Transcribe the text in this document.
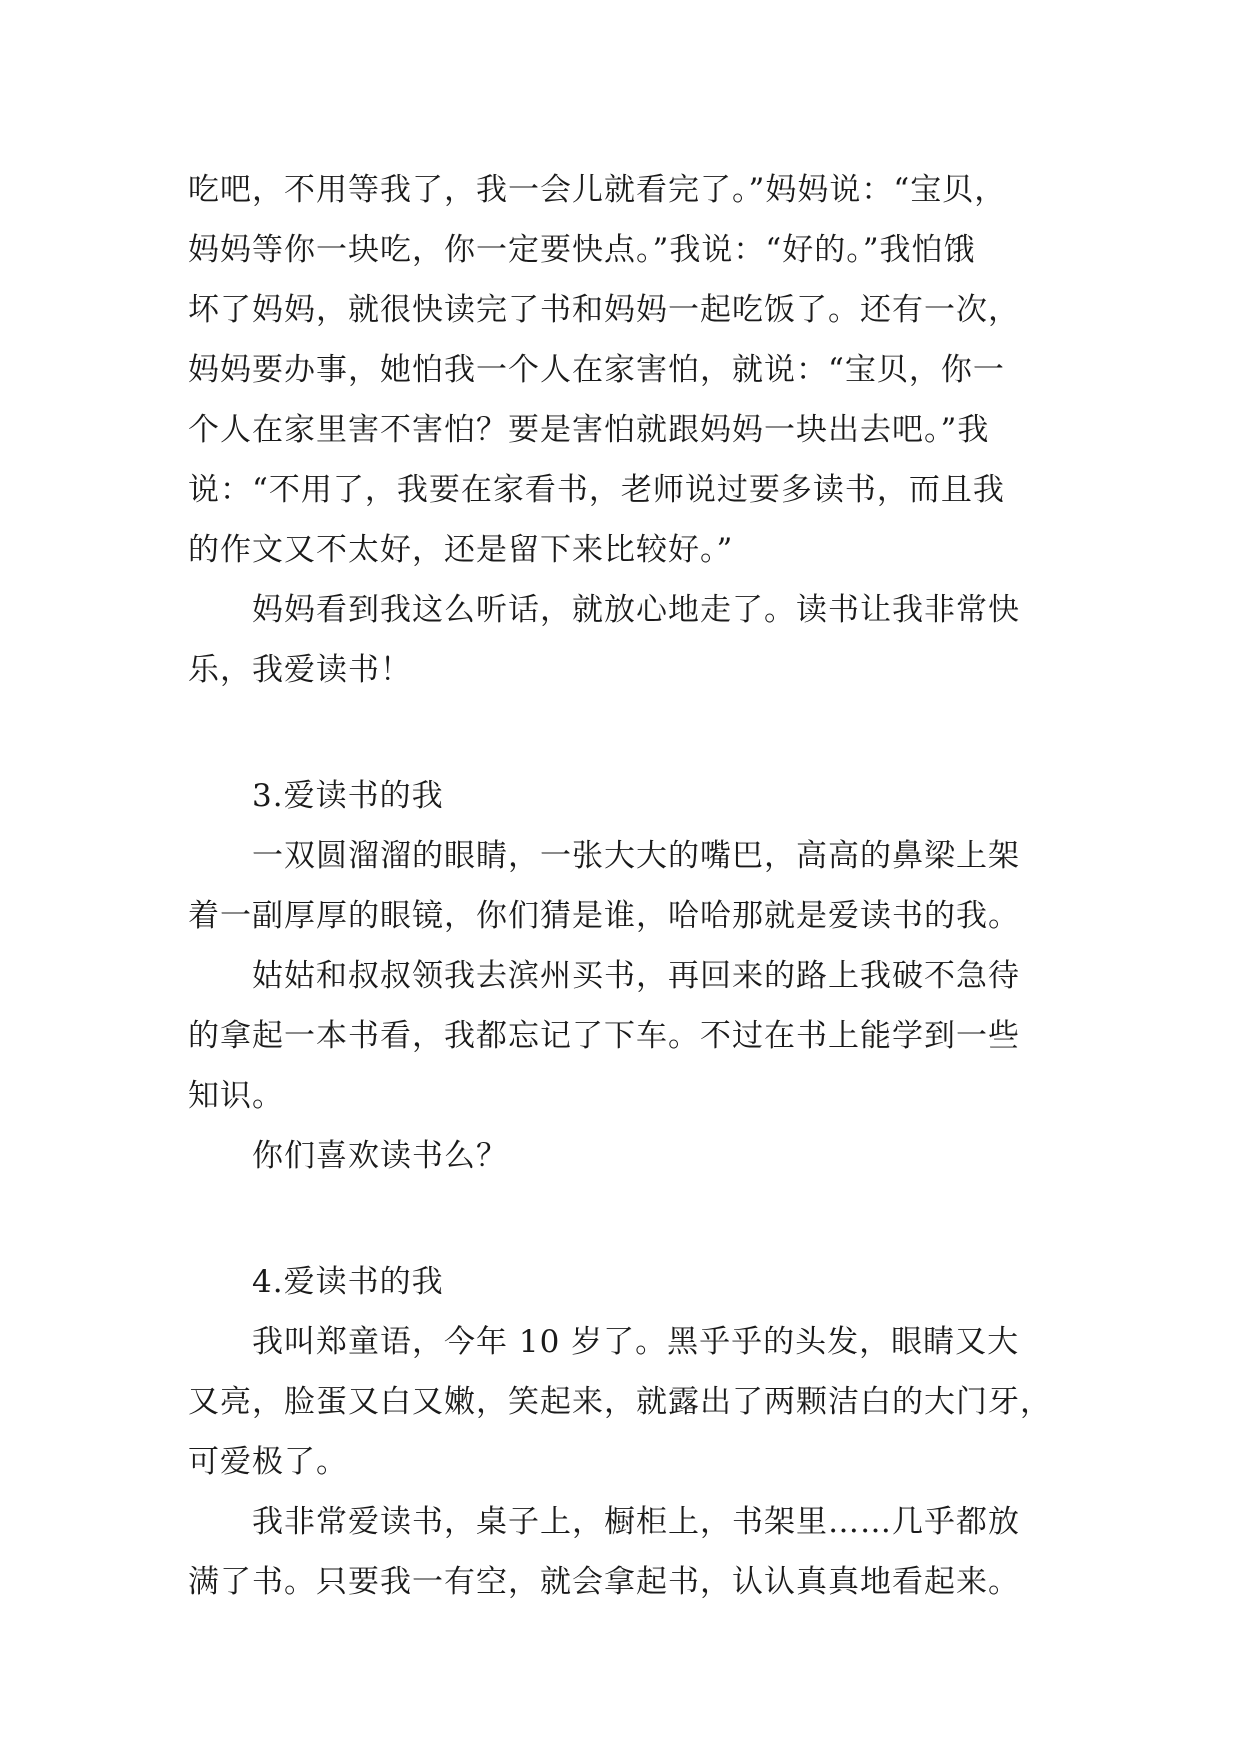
吃吧，不用等我了，我一会儿就看完了。”妈妈说：“宝贝，
妈妈等你一块吃，你一定要快点。”我说：“好的。”我怕饿
坏了妈妈，就很快读完了书和妈妈一起吃饭了。还有一次，
妈妈要办事，她怕我一个人在家害怕，就说：“宝贝，你一
个人在家里害不害怕？要是害怕就跟妈妈一块出去吧。”我
说：“不用了，我要在家看书，老师说过要多读书，而且我
的作文又不太好，还是留下来比较好。”
妈妈看到我这么听话，就放心地走了。读书让我非常快
乐，我爱读书！
3.爱读书的我
一双圆溜溜的眼睛，一张大大的嘴巴，高高的鼻梁上架
着一副厚厚的眼镜，你们猜是谁，哈哈那就是爱读书的我。
姑姑和叔叔领我去滨州买书，再回来的路上我破不急待
的拿起一本书看，我都忘记了下车。不过在书上能学到一些
知识。
你们喜欢读书么？
4.爱读书的我
我叫郑童语，今年 10 岁了。黑乎乎的头发，眼睛又大
又亮，脸蛋又白又嫩，笑起来，就露出了两颗洁白的大门牙，
可爱极了。
我非常爱读书，桌子上，橱柜上，书架里……几乎都放
满了书。只要我一有空，就会拿起书，认认真真地看起来。
